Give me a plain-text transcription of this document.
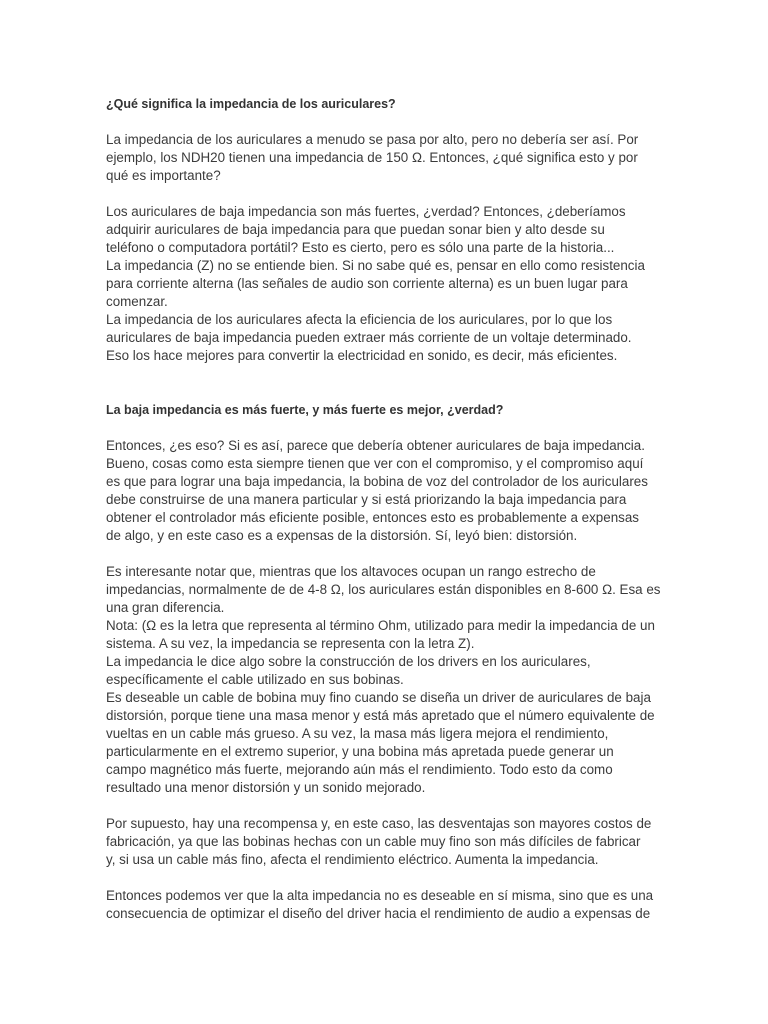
¿Qué significa la impedancia de los auriculares?
La impedancia de los auriculares a menudo se pasa por alto, pero no debería ser así. Por
ejemplo, los NDH20 tienen una impedancia de 150 Ω. Entonces, ¿qué significa esto y por
qué es importante?
Los auriculares de baja impedancia son más fuertes, ¿verdad? Entonces, ¿deberíamos
adquirir auriculares de baja impedancia para que puedan sonar bien y alto desde su
teléfono o computadora portátil? Esto es cierto, pero es sólo una parte de la historia...
La impedancia (Z) no se entiende bien. Si no sabe qué es, pensar en ello como resistencia
para corriente alterna (las señales de audio son corriente alterna) es un buen lugar para
comenzar.
La impedancia de los auriculares afecta la eficiencia de los auriculares, por lo que los
auriculares de baja impedancia pueden extraer más corriente de un voltaje determinado.
Eso los hace mejores para convertir la electricidad en sonido, es decir, más eficientes.
La baja impedancia es más fuerte, y más fuerte es mejor, ¿verdad?
Entonces, ¿es eso? Si es así, parece que debería obtener auriculares de baja impedancia.
Bueno, cosas como esta siempre tienen que ver con el compromiso, y el compromiso aquí
es que para lograr una baja impedancia, la bobina de voz del controlador de los auriculares
debe construirse de una manera particular y si está priorizando la baja impedancia para
obtener el controlador más eficiente posible, entonces esto es probablemente a expensas
de algo, y en este caso es a expensas de la distorsión. Sí, leyó bien: distorsión.
Es interesante notar que, mientras que los altavoces ocupan un rango estrecho de
impedancias, normalmente de de 4-8 Ω, los auriculares están disponibles en 8-600 Ω. Esa es
una gran diferencia.
Nota: (Ω es la letra que representa al término Ohm, utilizado para medir la impedancia de un
sistema. A su vez, la impedancia se representa con la letra Z).
La impedancia le dice algo sobre la construcción de los drivers en los auriculares,
específicamente el cable utilizado en sus bobinas.
Es deseable un cable de bobina muy fino cuando se diseña un driver de auriculares de baja
distorsión, porque tiene una masa menor y está más apretado que el número equivalente de
vueltas en un cable más grueso. A su vez, la masa más ligera mejora el rendimiento,
particularmente en el extremo superior, y una bobina más apretada puede generar un
campo magnético más fuerte, mejorando aún más el rendimiento. Todo esto da como
resultado una menor distorsión y un sonido mejorado.
Por supuesto, hay una recompensa y, en este caso, las desventajas son mayores costos de
fabricación, ya que las bobinas hechas con un cable muy fino son más difíciles de fabricar
y, si usa un cable más fino, afecta el rendimiento eléctrico. Aumenta la impedancia.
Entonces podemos ver que la alta impedancia no es deseable en sí misma, sino que es una
consecuencia de optimizar el diseño del driver hacia el rendimiento de audio a expensas de
